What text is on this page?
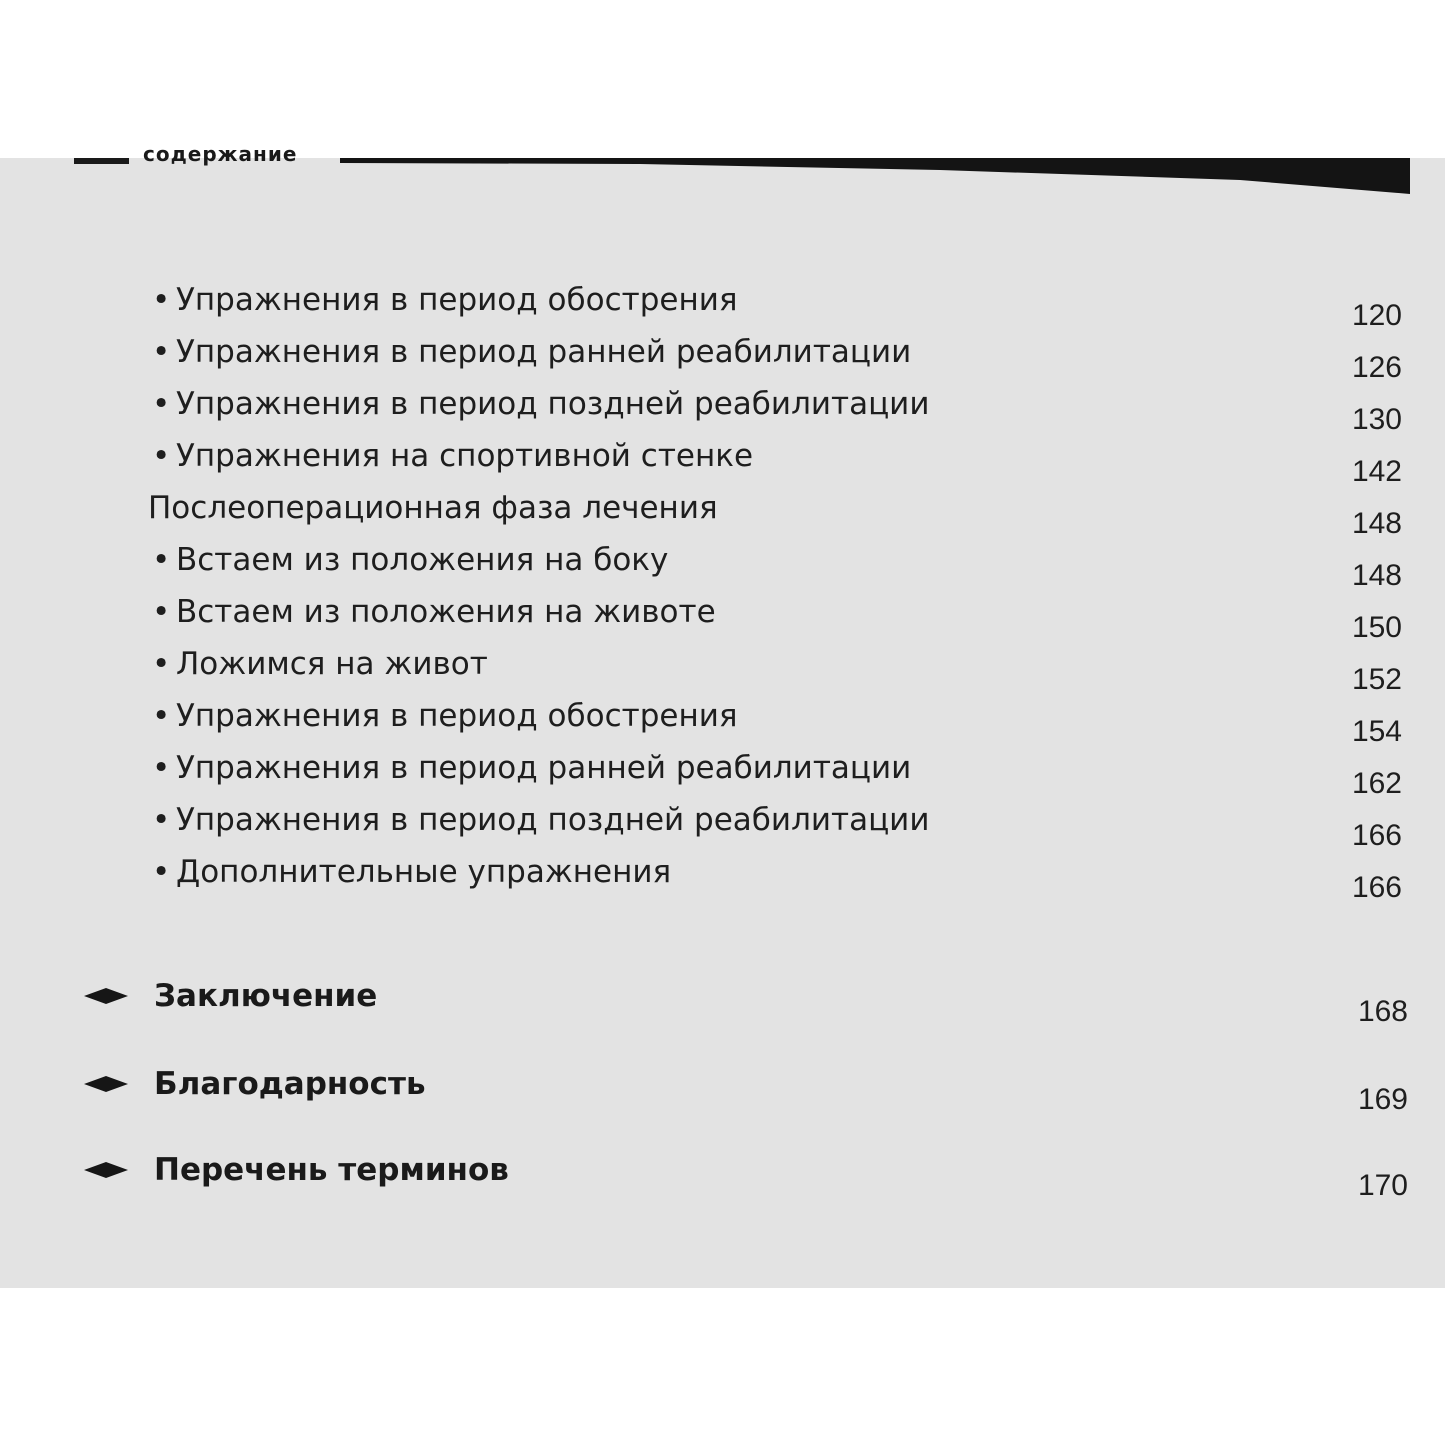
содержание
• Упражнения в период обострения	120
• Упражнения в период ранней реабилитации	126
• Упражнения в период поздней реабилитации	130
• Упражнения на спортивной стенке	142
Послеоперационная фаза лечения	148
• Встаем из положения на боку	148
• Встаем из положения на животе	150
• Ложимся на живот	152
• Упражнения в период обострения	154
• Упражнения в период ранней реабилитации	162
• Упражнения в период поздней реабилитации	166
• Дополнительные упражнения	166
Заключение	168
Благодарность	169
Перечень терминов	170
